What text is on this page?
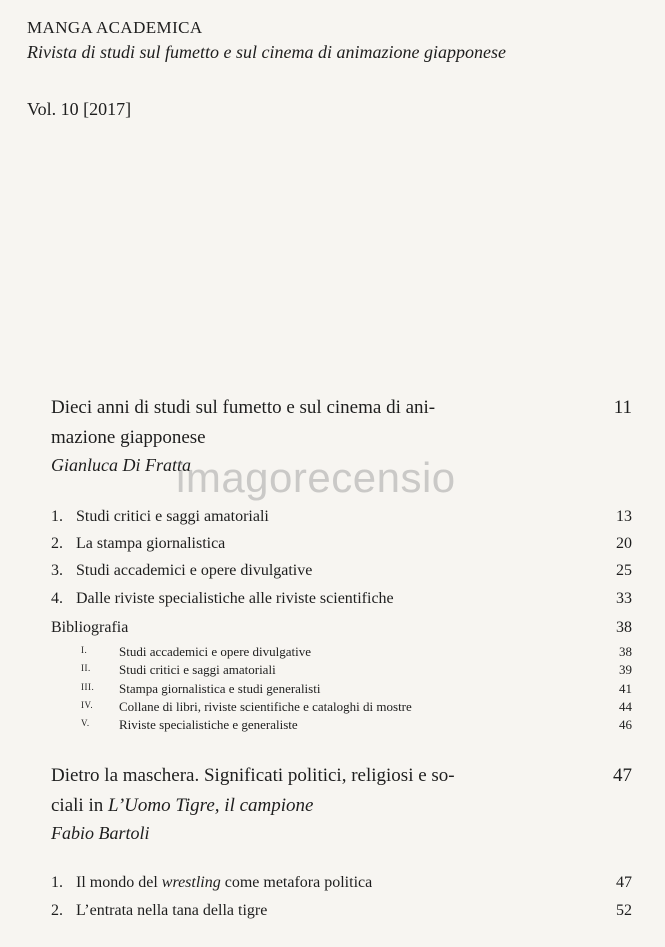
MANGA ACADEMICA
Rivista di studi sul fumetto e sul cinema di animazione giapponese
Vol. 10 [2017]
Dieci anni di studi sul fumetto e sul cinema di ani-	11
mazione giapponese
Gianluca Di Fratta
1. Studi critici e saggi amatoriali	13
2. La stampa giornalistica	20
3. Studi accademici e opere divulgative	25
4. Dalle riviste specialistiche alle riviste scientifiche	33
Bibliografia	38
I. Studi accademici e opere divulgative	38
II. Studi critici e saggi amatoriali	39
III. Stampa giornalistica e studi generalisti	41
IV. Collane di libri, riviste scientifiche e cataloghi di mostre	44
V. Riviste specialistiche e generaliste	46
Dietro la maschera. Significati politici, religiosi e so-	47
ciali in L’Uomo Tigre, il campione
Fabio Bartoli
1. Il mondo del wrestling come metafora politica	47
2. L’entrata nella tana della tigre	52
imagorecensio
